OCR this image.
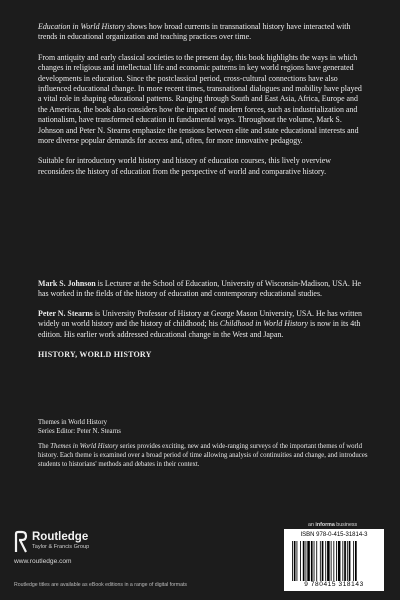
Education in World History shows how broad currents in transnational history have interacted with trends in educational organization and teaching practices over time.

From antiquity and early classical societies to the present day, this book highlights the ways in which changes in religious and intellectual life and economic patterns in key world regions have generated developments in education. Since the postclassical period, cross-cultural connections have also influenced educational change. In more recent times, transnational dialogues and mobility have played a vital role in shaping educational patterns. Ranging through South and East Asia, Africa, Europe and the Americas, the book also considers how the impact of modern forces, such as industrialization and nationalism, have transformed education in fundamental ways. Throughout the volume, Mark S. Johnson and Peter N. Stearns emphasize the tensions between elite and state educational interests and more diverse popular demands for access and, often, for more innovative pedagogy.

Suitable for introductory world history and history of education courses, this lively overview reconsiders the history of education from the perspective of world and comparative history.

Mark S. Johnson is Lecturer at the School of Education, University of Wisconsin-Madison, USA. He has worked in the fields of the history of education and contemporary educational studies.

Peter N. Stearns is University Professor of History at George Mason University, USA. He has written widely on world history and the history of childhood; his Childhood in World History is now in its 4th edition. His earlier work addressed educational change in the West and Japan.

HISTORY, WORLD HISTORY
Themes in World History
Series Editor: Peter N. Stearns
The Themes in World History series provides exciting, new and wide-ranging surveys of the important themes of world history. Each theme is examined over a broad period of time allowing analysis of continuities and change, and introduces students to historians' methods and debates in their context.
Routledge
Taylor & Francis Group
www.routledge.com
Routledge titles are available as eBook editions in a range of digital formats
an informa business
ISBN 978-0-415-31814-3
9 780415 318143
